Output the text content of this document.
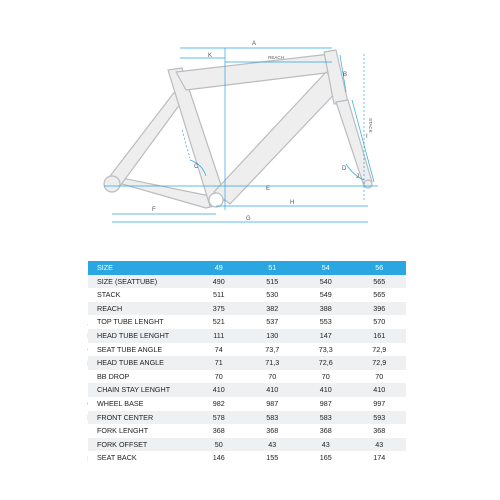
A
K	REACH
B
STACK
I
J
C	D
E
F
H
G
SIZE	49	51	54	56
SIZE (SEATTUBE)	490	515	540	565
STACK	511	530	549	565
REACH	375	382	388	396
TOP TUBE LENGHT	521	537	553	570
HEAD TUBE LENGHT	111	130	147	161
SEAT TUBE ANGLE	74	73,7	73,3	72,9
HEAD TUBE ANGLE	71	71,3	72,6	72,9
BB DROP	70	70	70	70
CHAIN STAY LENGHT	410	410	410	410
WHEEL BASE	982	987	987	997
FRONT CENTER	578	583	583	593
FORK LENGHT	368	368	368	368
FORK OFFSET	50	43	43	43
SEAT BACK	146	155	165	174
